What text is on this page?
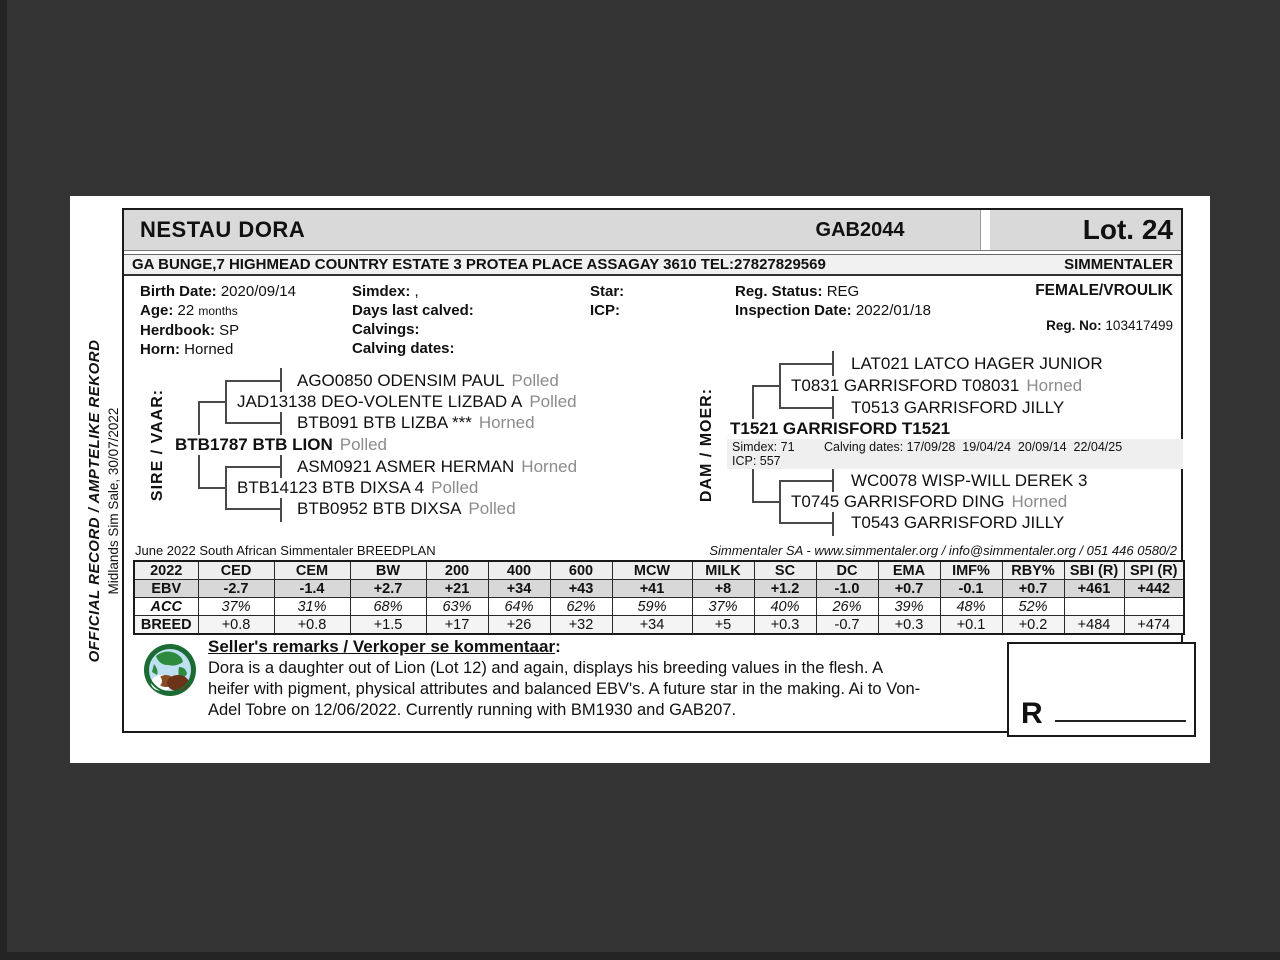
OFFICIAL RECORD / AMPTELIKE REKORD Midlands Sim Sale, 30/07/2022
NESTAU DORA	GAB2044	Lot. 24
GA BUNGE,7 HIGHMEAD COUNTRY ESTATE 3 PROTEA PLACE ASSAGAY 3610 TEL:27827829569	SIMMENTALER
Birth Date: 2020/09/14
Age: 22 months
Herdbook: SP
Horn: Horned
Simdex: ,
Days last calved:
Calvings:
Calving dates:
Star:
ICP:
Reg. Status: REG
Inspection Date: 2022/01/18
FEMALE/VROULIK
Reg. No: 103417499
SIRE / VAAR:	DAM / MOER:
AGO0850 ODENSIM PAUL Polled
JAD13138 DEO-VOLENTE LIZBAD A Polled
BTB091 BTB LIZBA *** Horned
BTB1787 BTB LION Polled
ASM0921 ASMER HERMAN Horned
BTB14123 BTB DIXSA 4 Polled
BTB0952 BTB DIXSA Polled
LAT021 LATCO HAGER JUNIOR
T0831 GARRISFORD T08031 Horned
T0513 GARRISFORD JILLY
T1521 GARRISFORD T1521
Simdex: 71 Calving dates: 17/09/28  19/04/24  20/09/14  22/04/25
ICP: 557
WC0078 WISP-WILL DEREK 3
T0745 GARRISFORD DING Horned
T0543 GARRISFORD JILLY
June 2022 South African Simmentaler BREEDPLAN	Simmentaler SA - www.simmentaler.org / info@simmentaler.org / 051 446 0580/2
2022	CED	CEM	BW	200	400	600	MCW	MILK	SC	DC	EMA	IMF%	RBY%	SBI (R)	SPI (R)
EBV	-2.7	-1.4	+2.7	+21	+34	+43	+41	+8	+1.2	-1.0	+0.7	-0.1	+0.7	+461	+442
ACC	37%	31%	68%	63%	64%	62%	59%	37%	40%	26%	39%	48%	52%		
BREED	+0.8	+0.8	+1.5	+17	+26	+32	+34	+5	+0.3	-0.7	+0.3	+0.1	+0.2	+484	+474
Seller's remarks / Verkoper se kommentaar:
Dora is a daughter out of Lion (Lot 12) and again, displays his breeding values in the flesh. A
heifer with pigment, physical attributes and balanced EBV's. A future star in the making. Ai to Von-
Adel Tobre on 12/06/2022. Currently running with BM1930 and GAB207.	R
